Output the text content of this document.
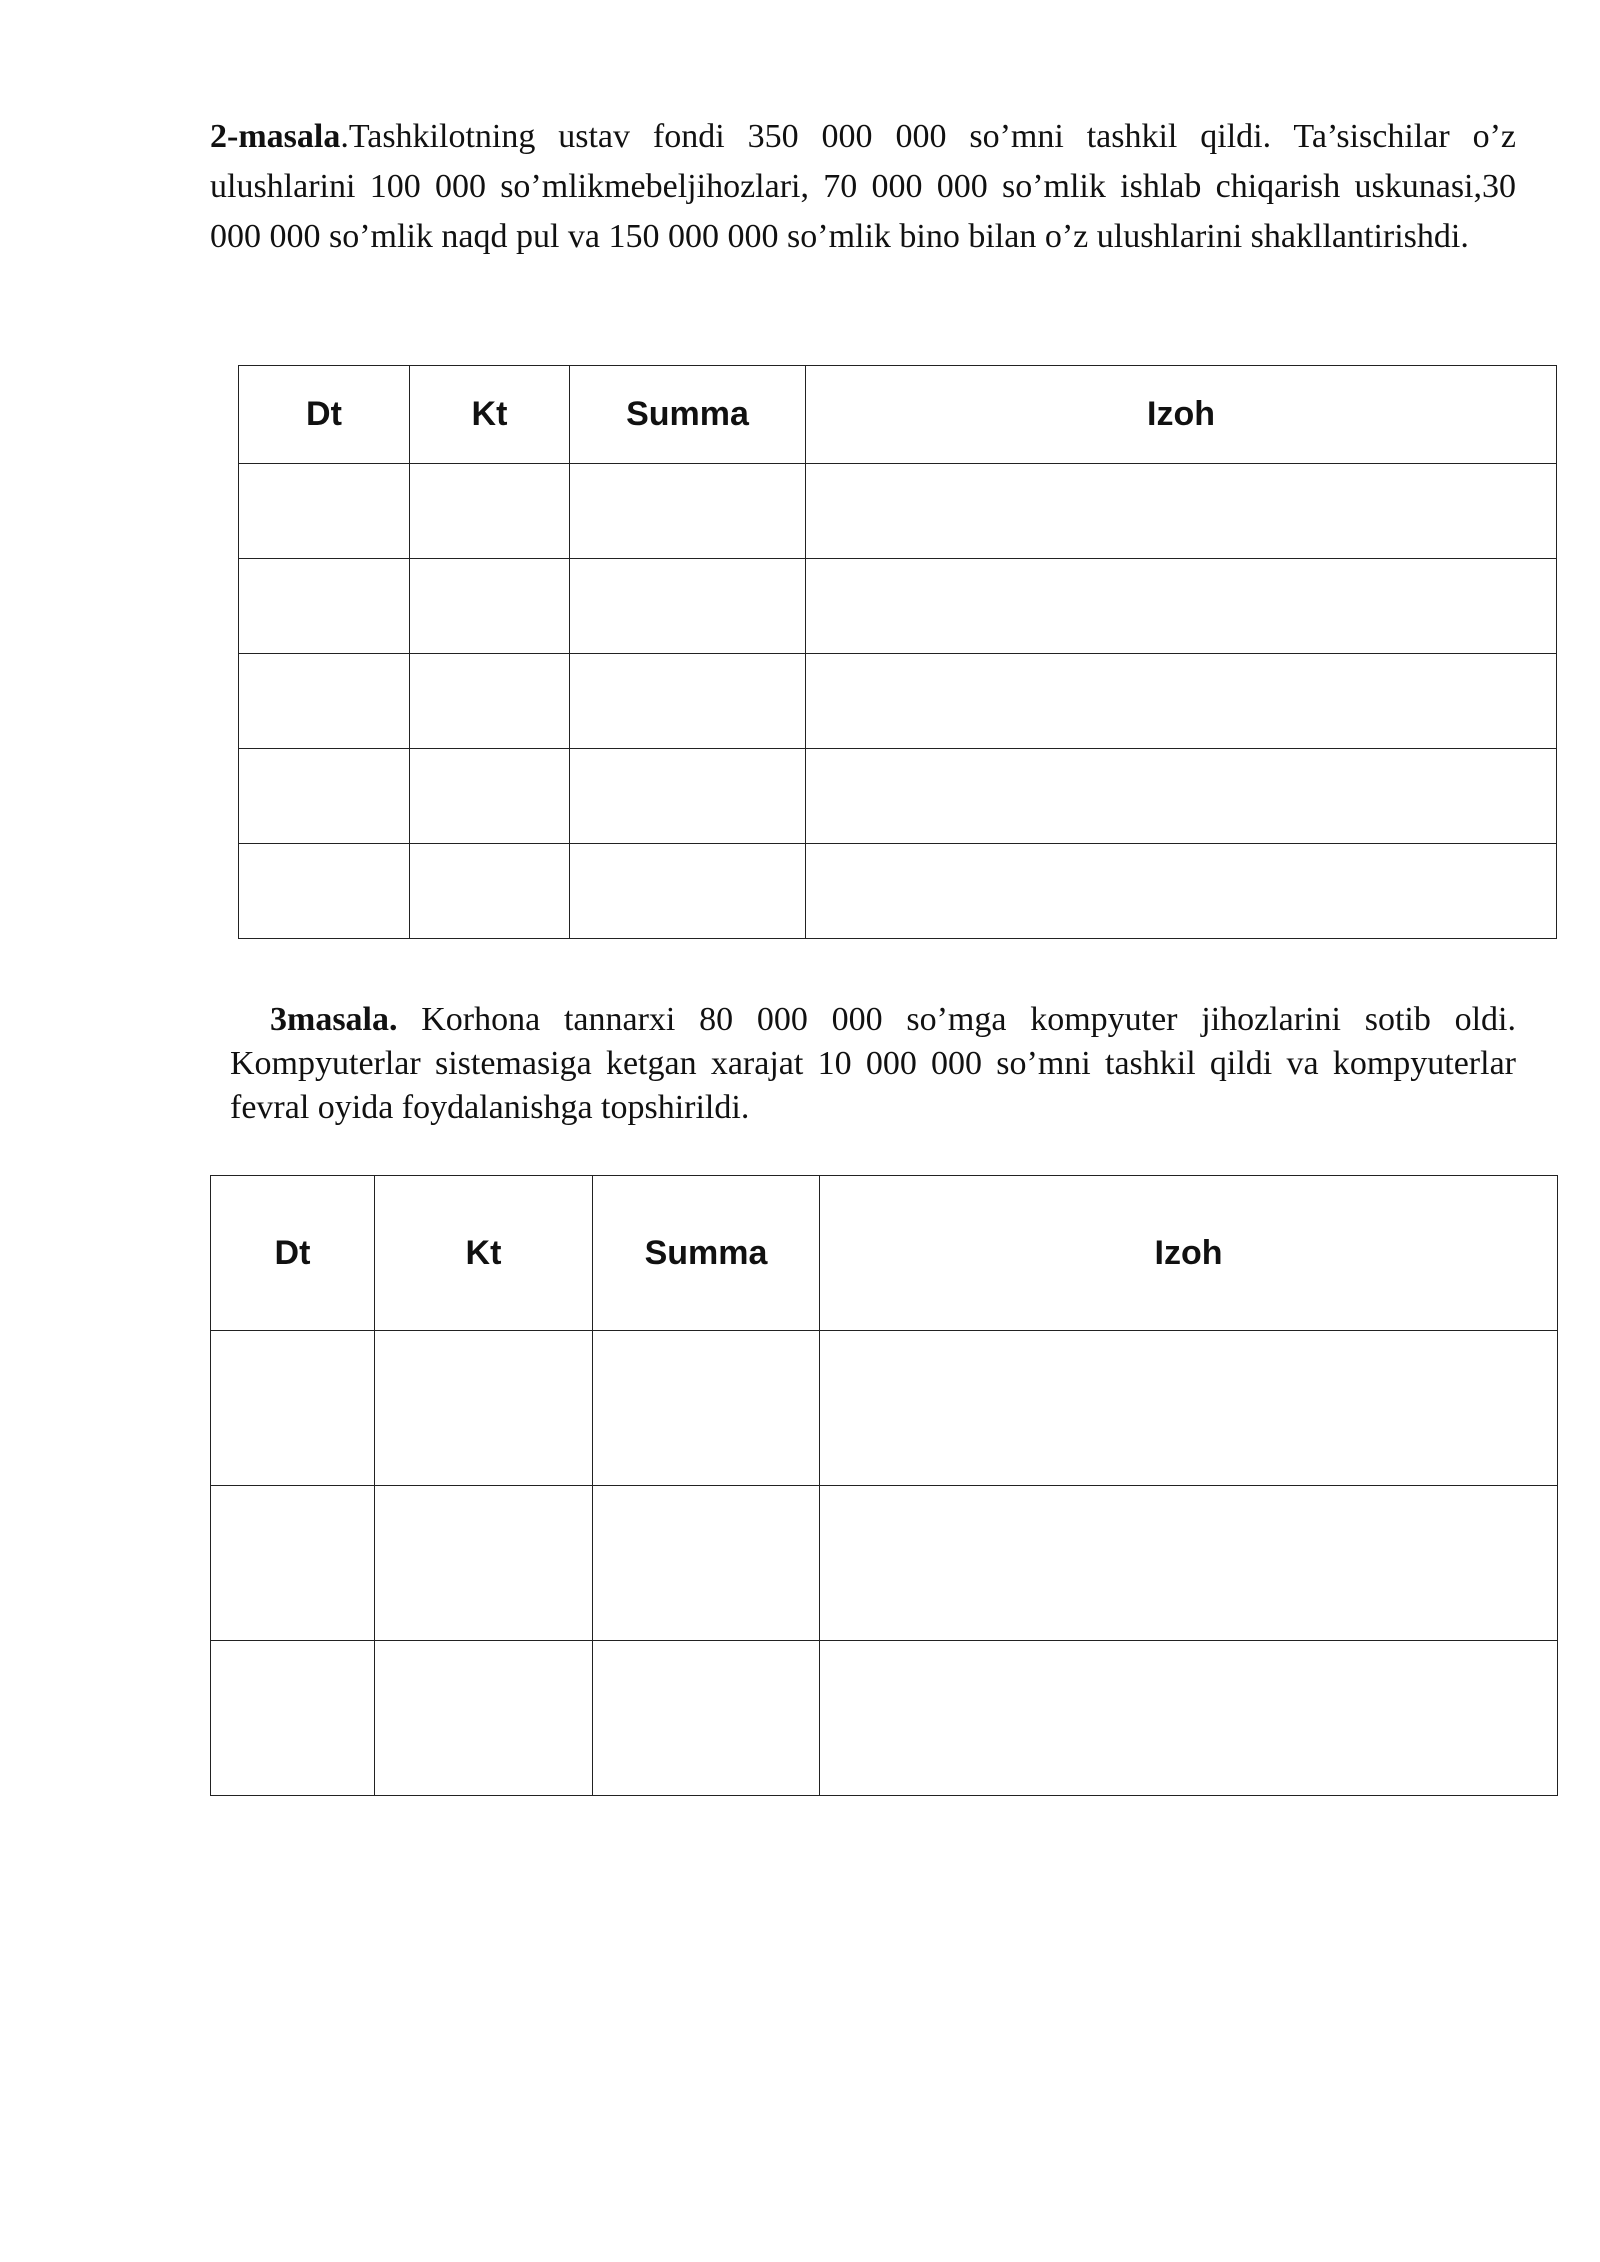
2-masala.Tashkilotning ustav fondi 350 000 000 so’mni tashkil qildi. Ta’sischilar o’z ulushlarini 100 000 so’mlikmebeljihozlari, 70 000 000 so’mlik ishlab chiqarish uskunasi,30 000 000 so’mlik naqd pul va 150 000 000 so’mlik bino bilan o’z ulushlarini shakllantirishdi.

Dt	Kt	Summa	Izoh

3masala. Korhona tannarxi 80 000 000 so’mga kompyuter jihozlarini sotib oldi. Kompyuterlar sistemasiga ketgan xarajat 10 000 000 so’mni tashkil qildi va kompyuterlar fevral oyida foydalanishga topshirildi.

Dt	Kt	Summa	Izoh
